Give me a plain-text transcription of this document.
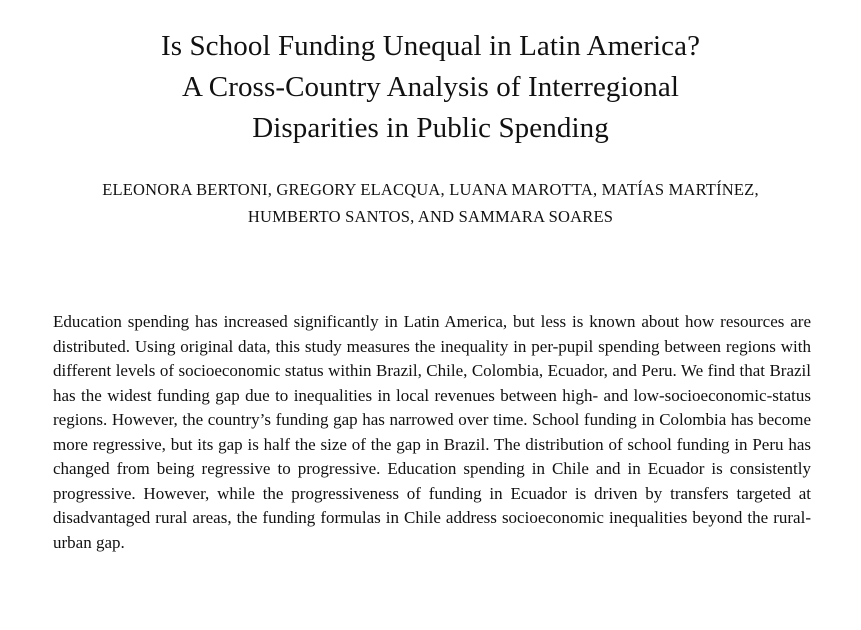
Is School Funding Unequal in Latin America?
A Cross-Country Analysis of Interregional
Disparities in Public Spending
ELEONORA BERTONI, GREGORY ELACQUA, LUANA MAROTTA, MATÍAS MARTÍNEZ,
HUMBERTO SANTOS, AND SAMMARA SOARES

Education spending has increased significantly in Latin America, but less is known about how resources are distributed. Using original data, this study measures the inequality in per-pupil spending between regions with different levels of socioeconomic status within Brazil, Chile, Colombia, Ecuador, and Peru. We find that Brazil has the widest funding gap due to inequalities in local revenues between high- and low-socioeconomic-status regions. However, the country’s funding gap has narrowed over time. School funding in Colombia has become more regressive, but its gap is half the size of the gap in Brazil. The distribution of school funding in Peru has changed from being regressive to progressive. Education spending in Chile and in Ecuador is consistently progressive. However, while the progressiveness of funding in Ecuador is driven by transfers targeted at disadvantaged rural areas, the funding formulas in Chile address socioeconomic inequalities beyond the rural-urban gap.
